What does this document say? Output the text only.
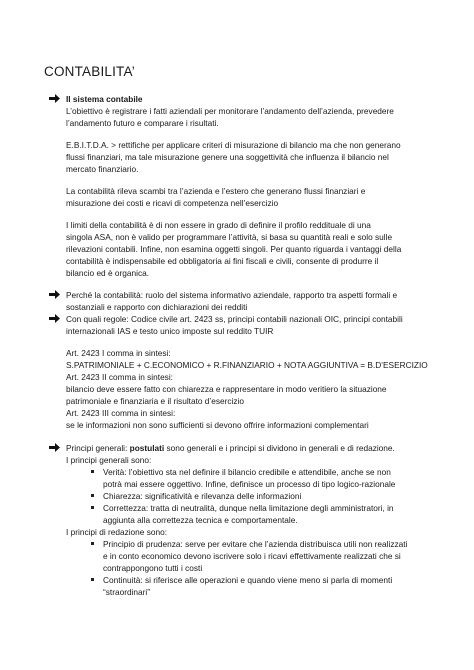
CONTABILITA’
Il sistema contabile
L’obiettivo è registrare i fatti aziendali per monitorare l’andamento dell’azienda, prevedere
l’andamento futuro e comparare i risultati.
E.B.I.T.D.A. > rettifiche per applicare criteri di misurazione di bilancio ma che non generano
flussi finanziari, ma tale misurazione genere una soggettività che influenza il bilancio nel
mercato finanziario.
La contabilità rileva scambi tra l’azienda e l’estero che generano flussi finanziari e
misurazione dei costi e ricavi di competenza nell’esercizio
I limiti della contabilità è di non essere in grado di definire il profilo reddituale di una
singola ASA, non è valido per programmare l’attività, si basa su quantità reali e solo sulle
rilevazioni contabili. Infine, non esamina oggetti singoli. Per quanto riguarda i vantaggi della
contabilità è indispensabile ed obbligatoria ai fini fiscali e civili, consente di produrre il
bilancio ed è organica.
Perché la contabilità: ruolo del sistema informativo aziendale, rapporto tra aspetti formali e
sostanziali e rapporto con dichiarazioni dei redditi
Con quali regole: Codice civile art. 2423 ss, principi contabili nazionali OIC, principi contabili
internazionali IAS e testo unico imposte sul reddito TUIR
Art. 2423 I comma in sintesi:
S.PATRIMONIALE + C.ECONOMICO + R.FINANZIARIO + NOTA AGGIUNTIVA = B.D’ESERCIZIO
Art. 2423 II comma in sintesi:
bilancio deve essere fatto con chiarezza e rappresentare in modo veritiero la situazione
patrimoniale e finanziaria e il risultato d’esercizio
Art. 2423 III comma in sintesi:
se le informazioni non sono sufficienti si devono offrire informazioni complementari
Principi generali: postulati sono generali e i principi si dividono in generali e di redazione.
I principi generali sono:
Verità: l’obiettivo sta nel definire il bilancio credibile e attendibile, anche se non
potrà mai essere oggettivo. Infine, definisce un processo di tipo logico-razionale
Chiarezza: significatività e rilevanza delle informazioni
Correttezza: tratta di neutralità, dunque nella limitazione degli amministratori, in
aggiunta alla correttezza tecnica e comportamentale.
I principi di redazione sono:
Principio di prudenza: serve per evitare che l’azienda distribuisca utili non realizzati
e in conto economico devono iscrivere solo i ricavi effettivamente realizzati che si
contrappongono tutti i costi
Continuità: si riferisce alle operazioni e quando viene meno si parla di momenti
“straordinari”
